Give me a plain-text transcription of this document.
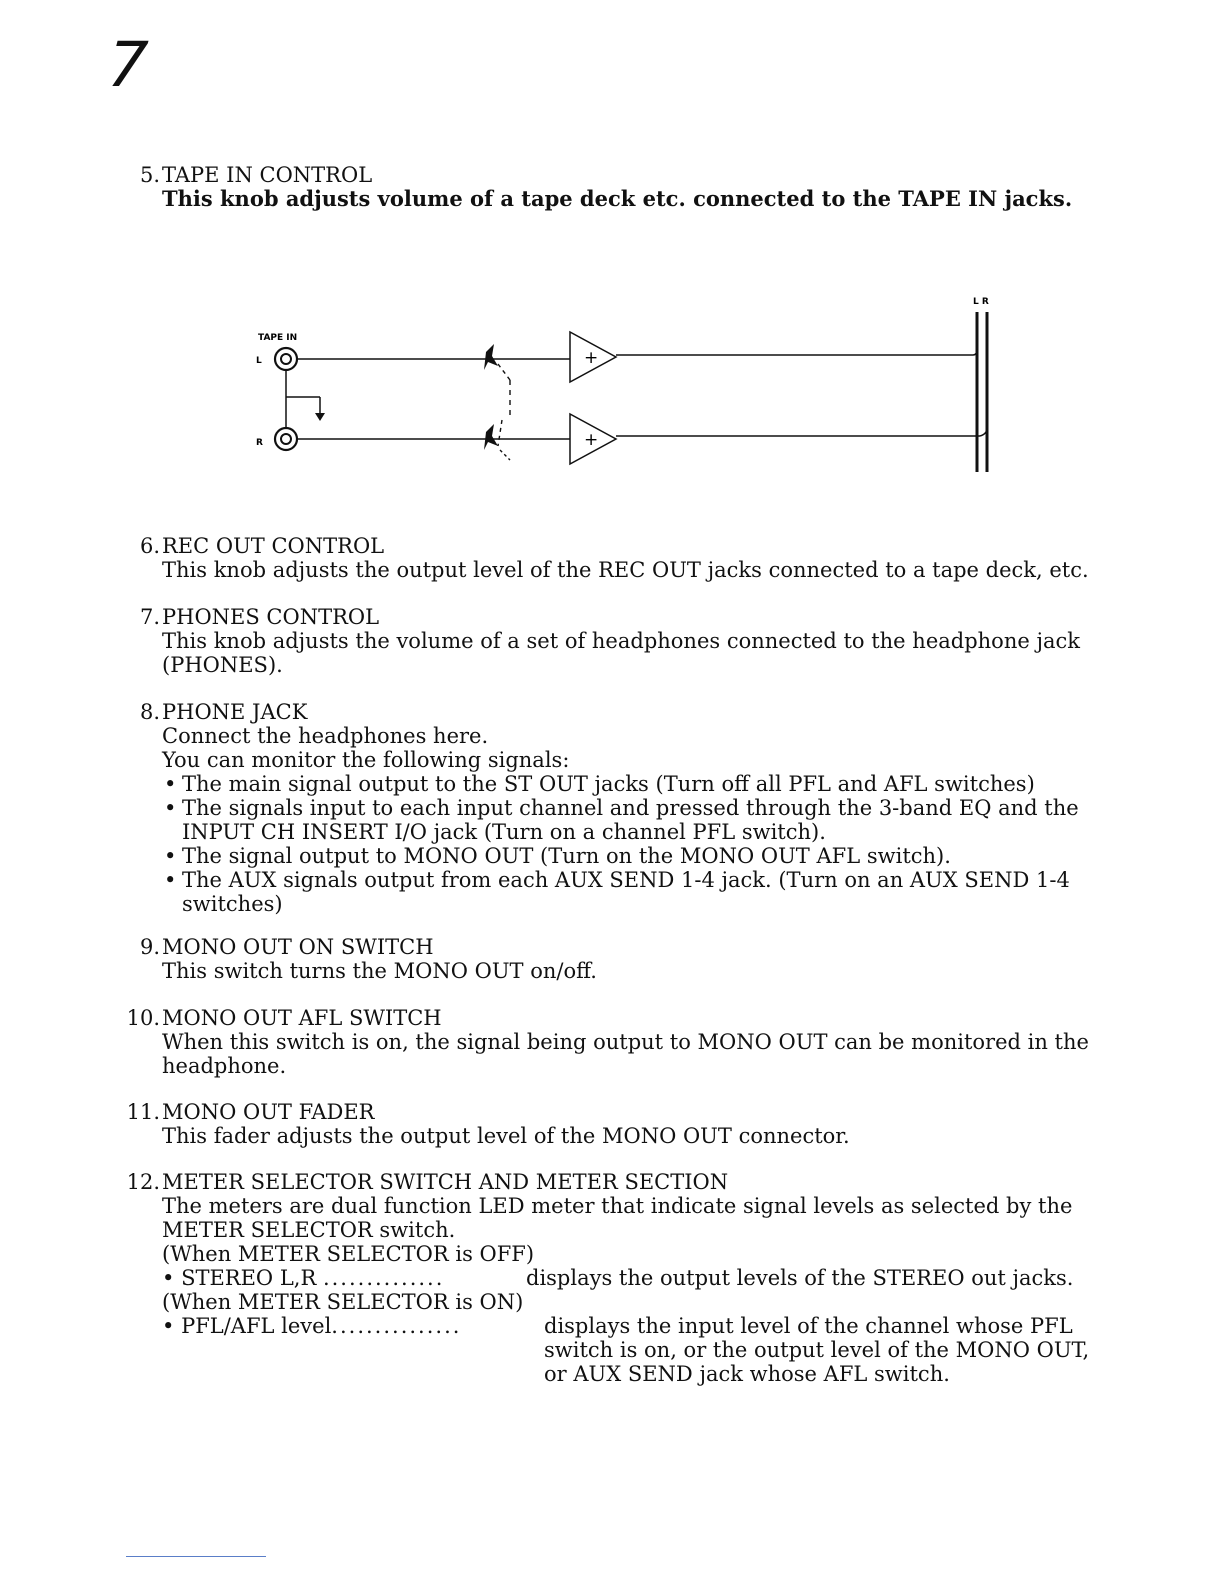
7
5. TAPE IN CONTROL

This knob adjusts volume of a tape deck etc. connected to the TAPE IN jacks.

TAPE IN
L R
L
R
+
+
6. REC OUT CONTROL

This knob adjusts the output level of the REC OUT jacks connected to a tape deck, etc.

7. PHONES CONTROL

This knob adjusts the volume of a set of headphones connected to the headphone jack (PHONES).

8. PHONE JACK

Connect the headphones here.

You can monitor the following signals:

• The main signal output to the ST OUT jacks (Turn off all PFL and AFL switches)
• The signals input to each input channel and pressed through the 3-band EQ and the INPUT CH INSERT I/O jack (Turn on a channel PFL switch).
• The signal output to MONO OUT (Turn on the MONO OUT AFL switch).
• The AUX signals output from each AUX SEND 1-4 jack. (Turn on an AUX SEND 1-4 switches)
9. MONO OUT ON SWITCH

This switch turns the MONO OUT on/off.

10. MONO OUT AFL SWITCH

When this switch is on, the signal being output to MONO OUT can be monitored in the headphone.

11. MONO OUT FADER

This fader adjusts the output level of the MONO OUT connector.

12. METER SELECTOR SWITCH AND METER SECTION

The meters are dual function LED meter that indicate signal levels as selected by the METER SELECTOR switch.

(When METER SELECTOR is OFF)

• STEREO L,R ..............	displays the output levels of the STEREO out jacks.

(When METER SELECTOR is ON)

• PFL/AFL level...............	displays the input level of the channel whose PFL switch is on, or the output level of the MONO OUT, or AUX SEND jack whose AFL switch.
